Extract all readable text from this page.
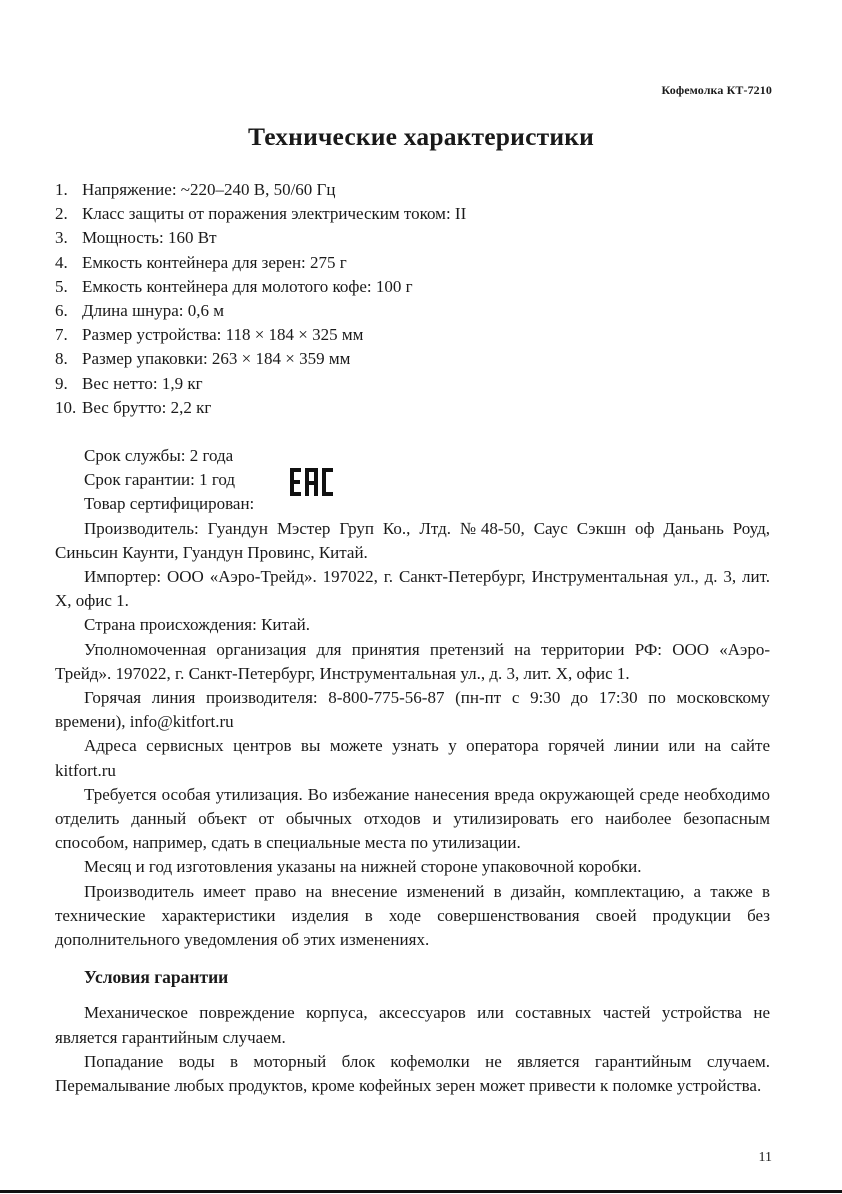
Кофемолка КТ-7210
Технические характеристики
1. Напряжение: ~220–240 В, 50/60 Гц
2. Класс защиты от поражения электрическим током: II
3. Мощность: 160 Вт
4. Емкость контейнера для зерен: 275 г
5. Емкость контейнера для молотого кофе: 100 г
6. Длина шнура: 0,6 м
7. Размер устройства: 118 × 184 × 325 мм
8. Размер упаковки: 263 × 184 × 359 мм
9. Вес нетто: 1,9 кг
10. Вес брутто: 2,2 кг

Срок службы: 2 года

Срок гарантии: 1 год

Товар сертифицирован:

Производитель: Гуандун Мэстер Груп Ко., Лтд. №48-50, Саус Сэкшн оф Даньань Роуд, Синьсин Каунти, Гуандун Провинс, Китай.

Импортер: ООО «Аэро-Трейд». 197022, г. Санкт-Петербург, Инструментальная ул., д. 3, лит. Х, офис 1.

Страна происхождения: Китай.

Уполномоченная организация для принятия претензий на территории РФ: ООО «Аэро-Трейд». 197022, г. Санкт-Петербург, Инструментальная ул., д. 3, лит. Х, офис 1.

Горячая линия производителя: 8-800-775-56-87 (пн-пт с 9:30 до 17:30 по московскому времени), info@kitfort.ru

Адреса сервисных центров вы можете узнать у оператора горячей линии или на сайте kitfort.ru

Требуется особая утилизация. Во избежание нанесения вреда окружающей среде необходимо отделить данный объект от обычных отходов и утилизировать его наиболее безопасным способом, например, сдать в специальные места по утилизации.

Месяц и год изготовления указаны на нижней стороне упаковочной коробки.

Производитель имеет право на внесение изменений в дизайн, комплектацию, а также в технические характеристики изделия в ходе совершенствования своей продукции без дополнительного уведомления об этих изменениях.

Условия гарантии

Механическое повреждение корпуса, аксессуаров или составных частей устройства не является гарантийным случаем.

Попадание воды в моторный блок кофемолки не является гарантийным случаем. Перемалывание любых продуктов, кроме кофейных зерен может привести к поломке устройства.

11
